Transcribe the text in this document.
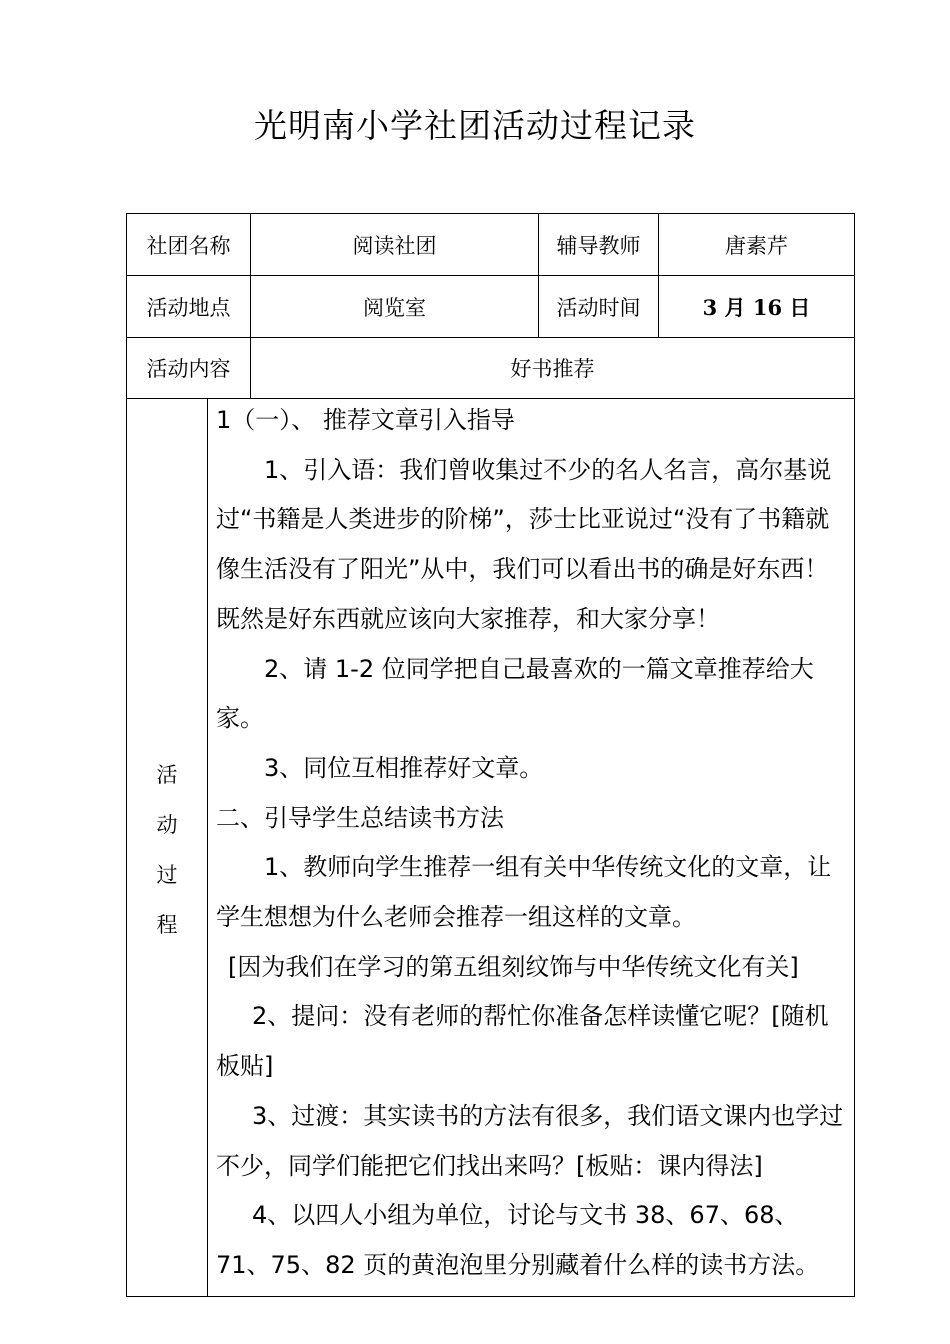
光明南小学社团活动过程记录
社团名称	阅读社团	辅导教师	唐素芹
活动地点	阅览室	活动时间	3 月 16 日
活动内容	好书推荐
活
动
过
程

1（一）、 推荐文章引入指导

1、引入语：我们曾收集过不少的名人名言，高尔基说过“书籍是人类进步的阶梯”，莎士比亚说过“没有了书籍就像生活没有了阳光”从中，我们可以看出书的确是好东西！既然是好东西就应该向大家推荐，和大家分享！

2、请 1-2 位同学把自己最喜欢的一篇文章推荐给大家。

3、同位互相推荐好文章。

二、引导学生总结读书方法

1、教师向学生推荐一组有关中华传统文化的文章，让学生想想为什么老师会推荐一组这样的文章。

[因为我们在学习的第五组刻纹饰与中华传统文化有关]

2、提问：没有老师的帮忙你准备怎样读懂它呢？[随机板贴]

3、过渡：其实读书的方法有很多，我们语文课内也学过不少，同学们能把它们找出来吗？[板贴：课内得法]

4、以四人小组为单位，讨论与文书 38、67、68、71、75、82 页的黄泡泡里分别藏着什么样的读书方法。
